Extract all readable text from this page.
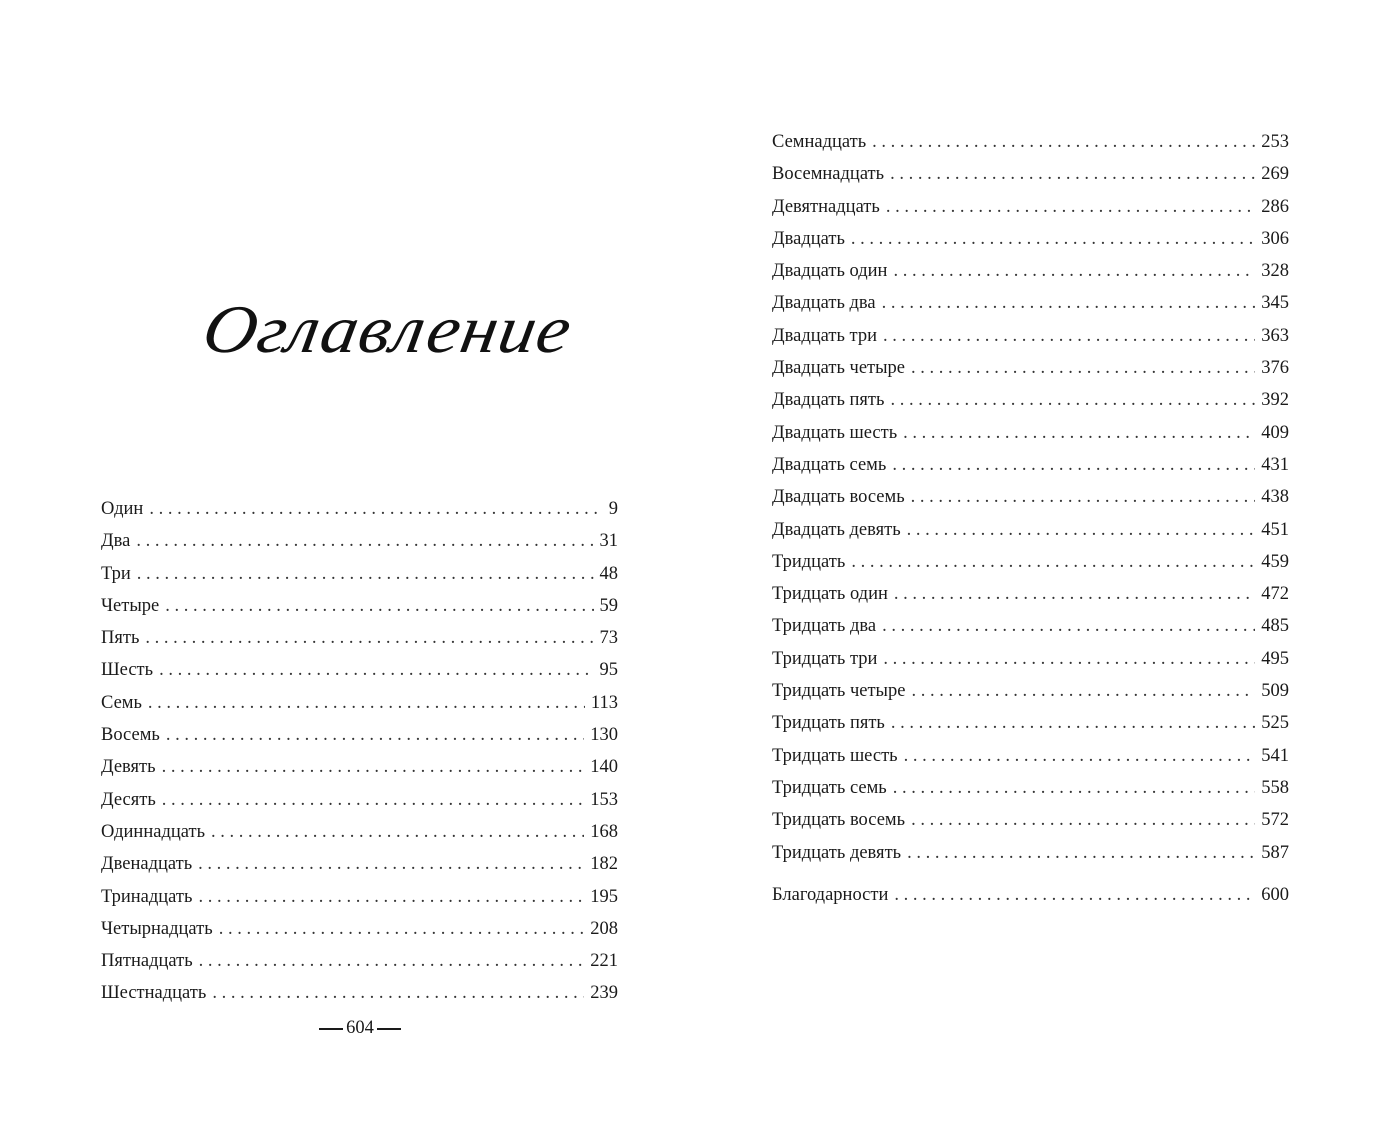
Оглавление
Один . . .	9
Два . . .	31
Три . . .	48
Четыре . . .	59
Пять . . .	73
Шесть . . .	95
Семь . . .	113
Восемь . . .	130
Девять . . .	140
Десять . . .	153
Одиннадцать . . .	168
Двенадцать . . .	182
Тринадцать . . .	195
Четырнадцать . . .	208
Пятнадцать . . .	221
Шестнадцать . . .	239
Семнадцать . . .	253
Восемнадцать . . .	269
Девятнадцать . . .	286
Двадцать . . .	306
Двадцать один . . .	328
Двадцать два . . .	345
Двадцать три . . .	363
Двадцать четыре . . .	376
Двадцать пять . . .	392
Двадцать шесть . . .	409
Двадцать семь . . .	431
Двадцать восемь . . .	438
Двадцать девять . . .	451
Тридцать . . .	459
Тридцать один . . .	472
Тридцать два . . .	485
Тридцать три . . .	495
Тридцать четыре . . .	509
Тридцать пять . . .	525
Тридцать шесть . . .	541
Тридцать семь . . .	558
Тридцать восемь . . .	572
Тридцать девять . . .	587
Благодарности . . .	600
604
